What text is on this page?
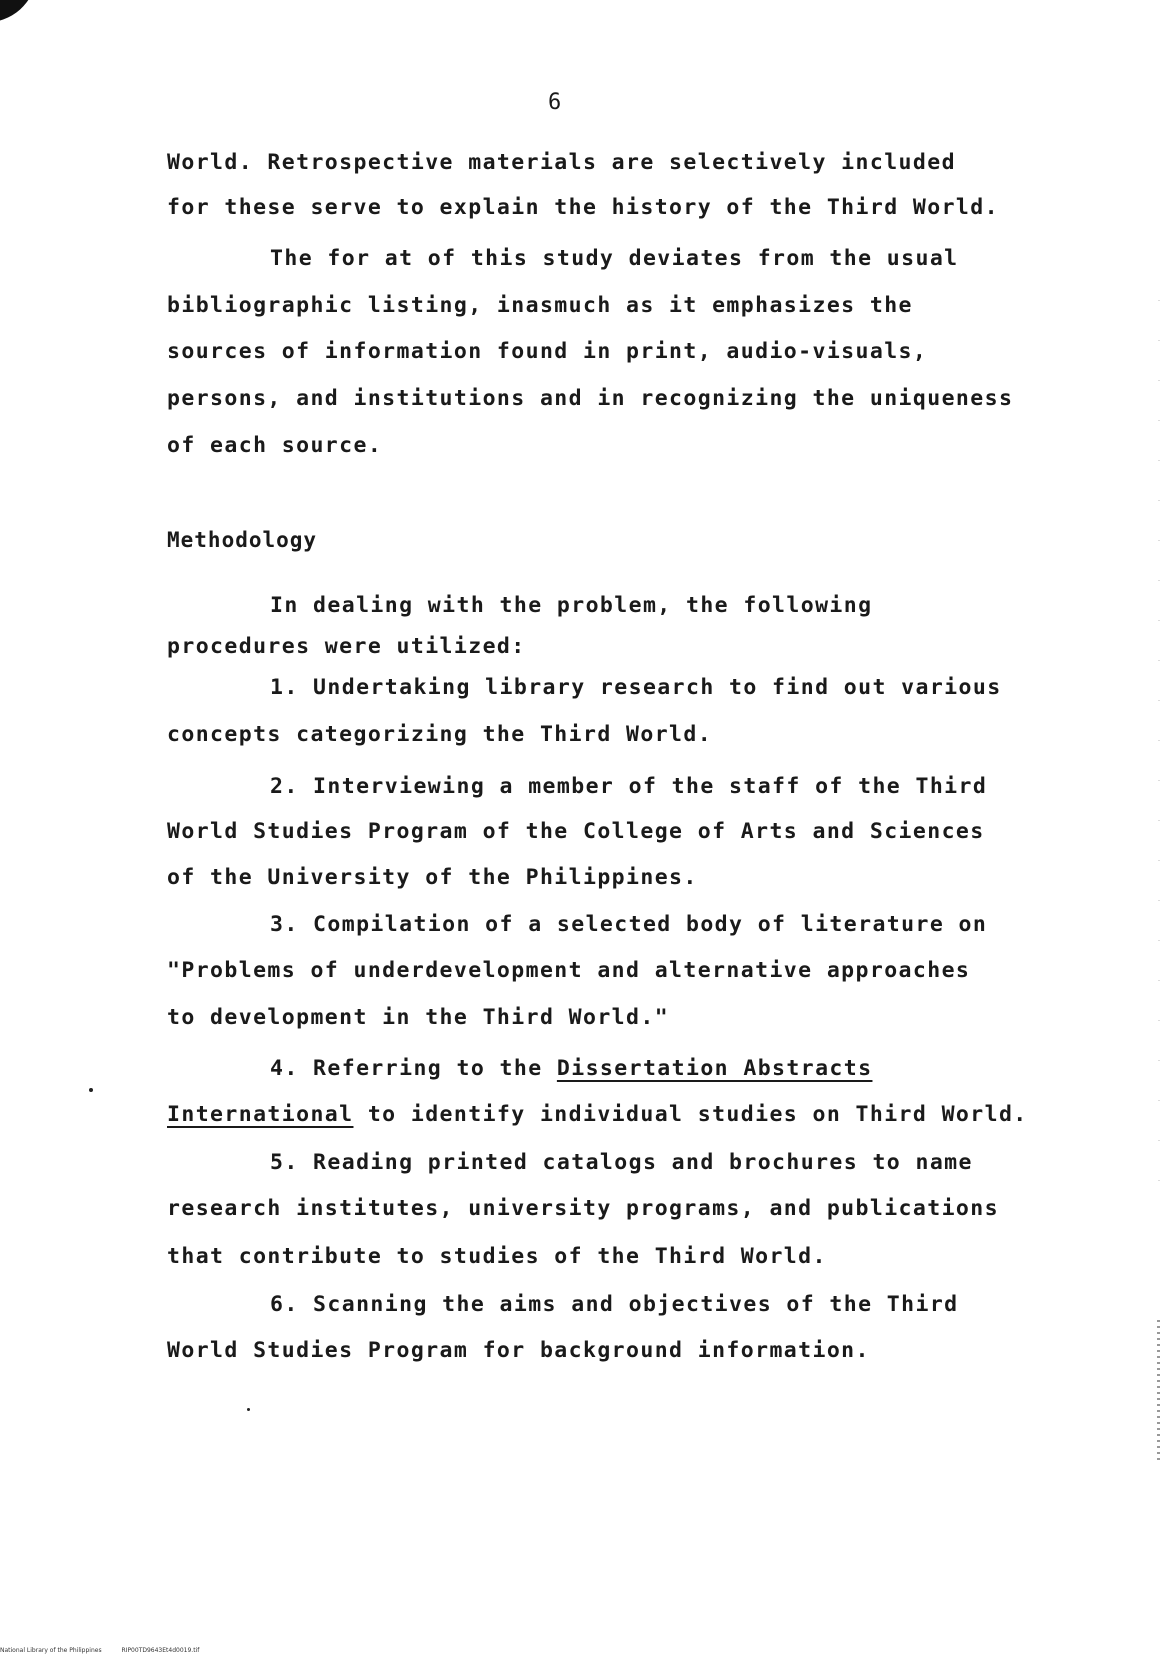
6
World. Retrospective materials are selectively included
for these serve to explain the history of the Third World.
The for at of this study deviates from the usual
bibliographic listing, inasmuch as it emphasizes the
sources of information found in print, audio-visuals,
persons, and institutions and in recognizing the uniqueness
of each source.
Methodology
In dealing with the problem, the following
procedures were utilized:
1. Undertaking library research to find out various
concepts categorizing the Third World.
2. Interviewing a member of the staff of the Third
World Studies Program of the College of Arts and Sciences
of the University of the Philippines.
3. Compilation of a selected body of literature on
"Problems of underdevelopment and alternative approaches
to development in the Third World."
4. Referring to the Dissertation Abstracts
International to identify individual studies on Third World.
5. Reading printed catalogs and brochures to name
research institutes, university programs, and publications
that contribute to studies of the Third World.
6. Scanning the aims and objectives of the Third
World Studies Program for background information.
National Library of the Philippines	RIP00TD9643Et4d0019.tif
